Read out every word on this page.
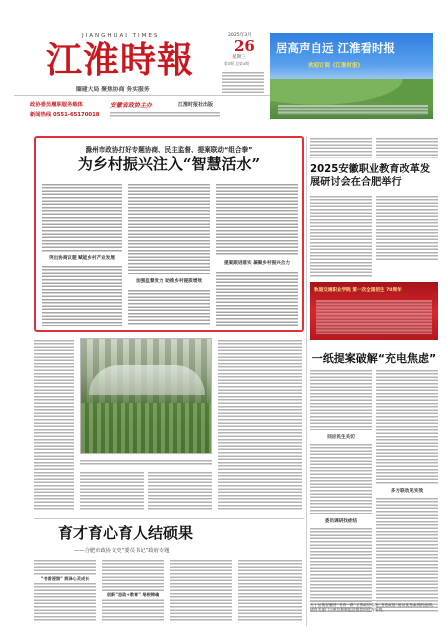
JIANGHUAI TIMES
江淮時報
圈建大局 聚焦协商 务实服务
2025年3月
26
星期三
第3期 总第4期
居高声自远 江淮看时报
欢迎订阅《江淮时报》
政协委员履职服务载体
新闻热线 0551-65170018
安徽省政协主办	江淮时报社出版
滁州市政协打好专题协商、民主监督、提案联动“组合拳”
为乡村振兴注入“智慧活水”
突出协商议题 赋能乡村产业发展
加强监督发力 助推乡村提质增效
提案跟进落实 凝聚乡村振兴合力
2025安徽职业教育改革发展研讨会在合肥举行
轨道交通职业学院 第一次全国招生 70周年
一纸提案破解“充电焦虑”
回应民生关切
委员调研找症结
多方联动见实效
育才育心育人结硕果
——合肥市政协文史“委员书记”政府专题
“书香浸润” 润泽心灵成长
创新”思政+教育” 培根铸魂
关于征集安徽省“书香一路”全省政协系统“书香政协”建设优秀案例的通知。请有关部门与单位积极报送推荐的优秀案例。
